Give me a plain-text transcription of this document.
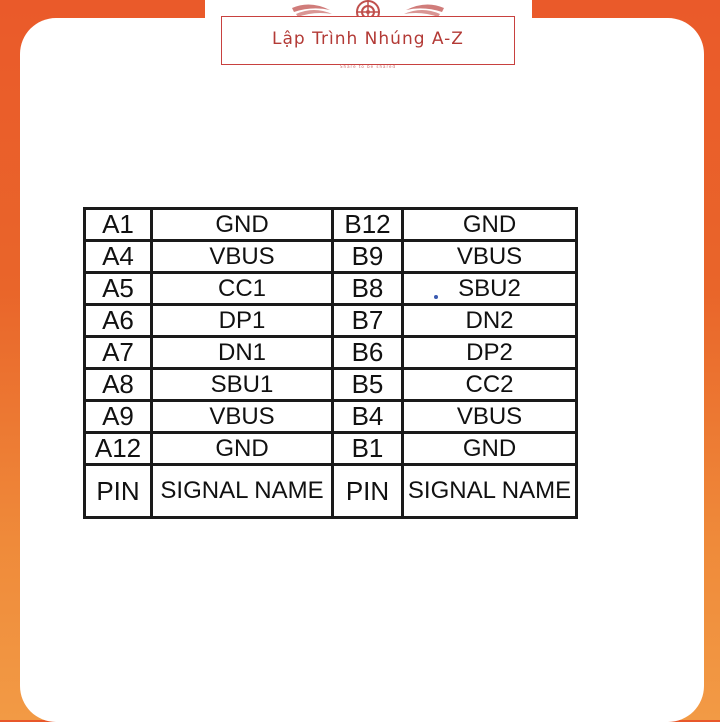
Lập Trình Nhúng A-Z
Share to be shared
A1	GND	B12	GND
A4	VBUS	B9	VBUS
A5	CC1	B8	SBU2
A6	DP1	B7	DN2
A7	DN1	B6	DP2
A8	SBU1	B5	CC2
A9	VBUS	B4	VBUS
A12	GND	B1	GND
PIN	SIGNAL NAME	PIN	SIGNAL NAME
